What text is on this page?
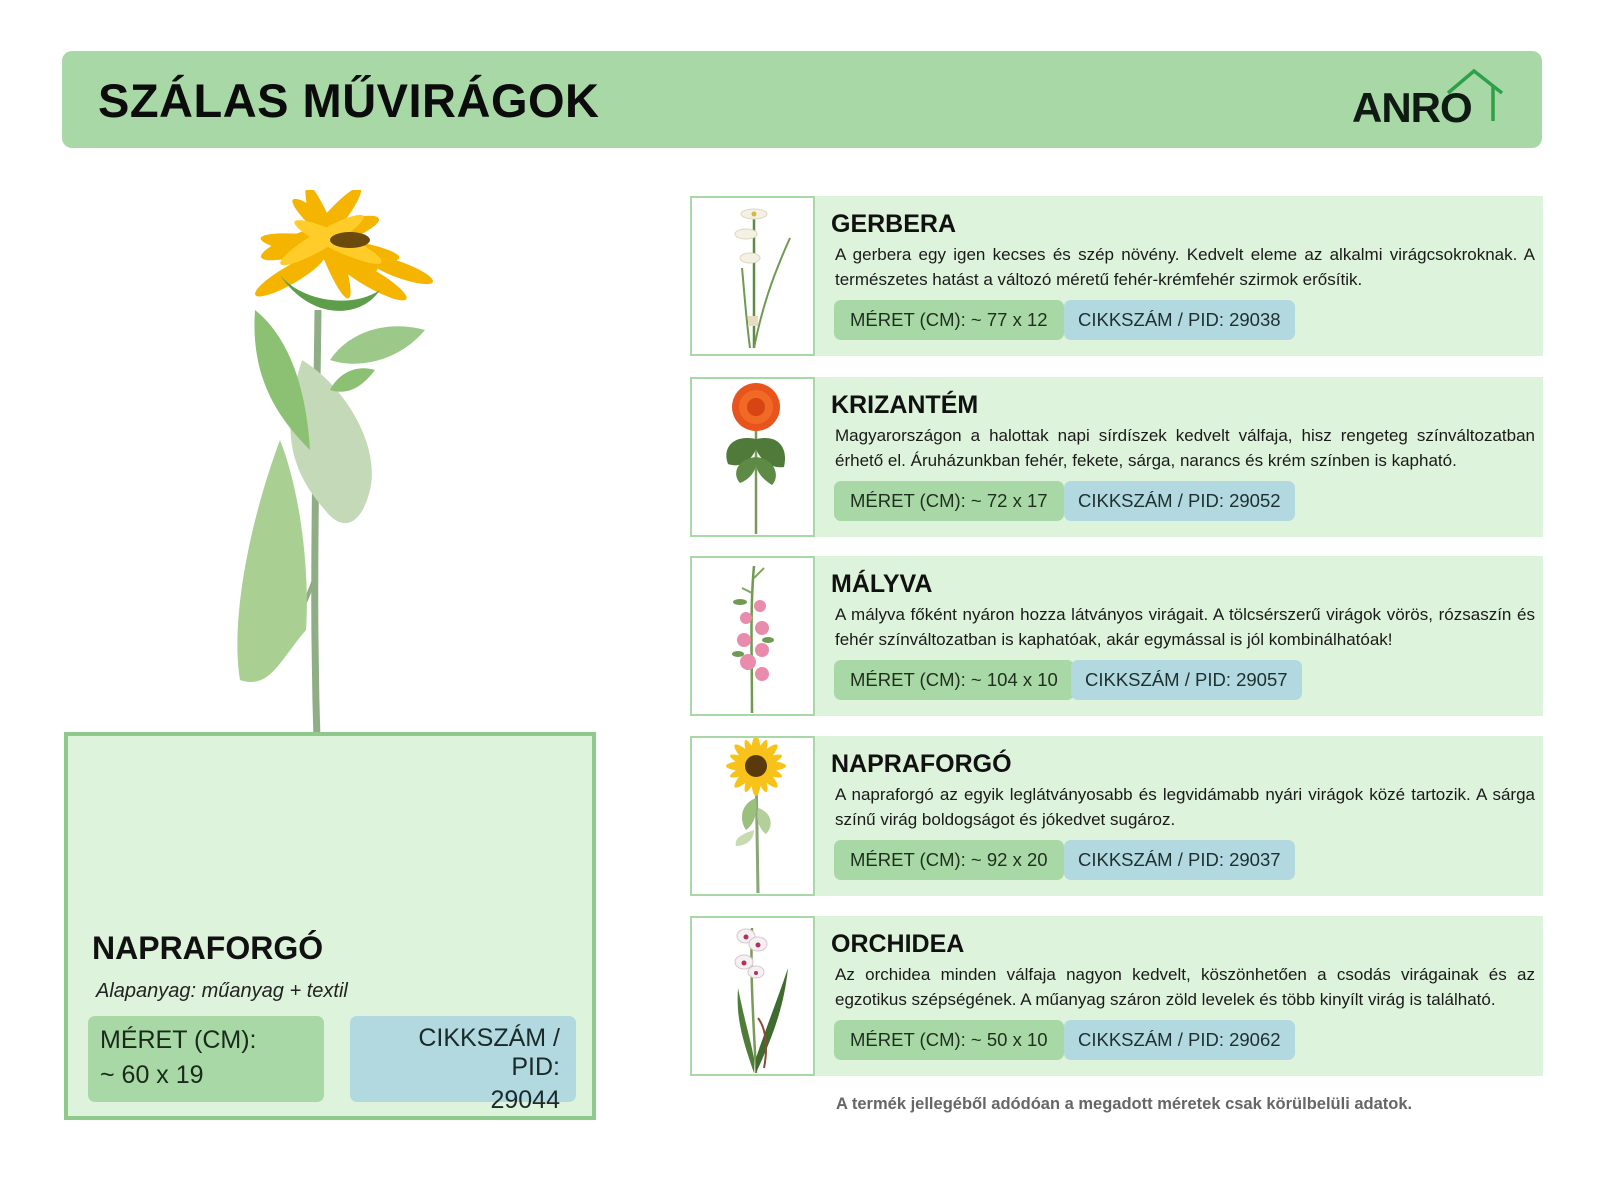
SZÁLAS MŰVIRÁGOK	ANRO
NAPRAFORGÓ
Alapanyag: műanyag + textil
MÉRET (CM):
~ 60 x 19
CIKKSZÁM / PID:
29044
GERBERA
A gerbera egy igen kecses és szép növény. Kedvelt eleme az alkalmi virágcsokroknak. A természetes hatást a változó méretű fehér-krémfehér szirmok erősítik.
MÉRET (CM): ~ 77 x 12	CIKKSZÁM / PID: 29038
KRIZANTÉM
Magyarországon a halottak napi sírdíszek kedvelt válfaja, hisz rengeteg színváltozatban érhető el. Áruházunkban fehér, fekete, sárga, narancs és krém színben is kapható.
MÉRET (CM): ~ 72 x 17	CIKKSZÁM / PID: 29052
MÁLYVA
A mályva főként nyáron hozza látványos virágait. A tölcsérszerű virágok vörös, rózsaszín és fehér színváltozatban is kaphatóak, akár egymással is jól kombinálhatóak!
MÉRET (CM): ~ 104 x 10	CIKKSZÁM / PID: 29057
NAPRAFORGÓ
A napraforgó az egyik leglátványosabb és legvidámabb nyári virágok közé tartozik. A sárga színű virág boldogságot és jókedvet sugároz.
MÉRET (CM): ~ 92 x 20	CIKKSZÁM / PID: 29037
ORCHIDEA
Az orchidea minden válfaja nagyon kedvelt, köszönhetően a csodás virágainak és az egzotikus szépségének. A műanyag száron zöld levelek és több kinyílt virág is található.
MÉRET (CM): ~ 50 x 10	CIKKSZÁM / PID: 29062
A termék jellegéből adódóan a megadott méretek csak körülbelüli adatok.
